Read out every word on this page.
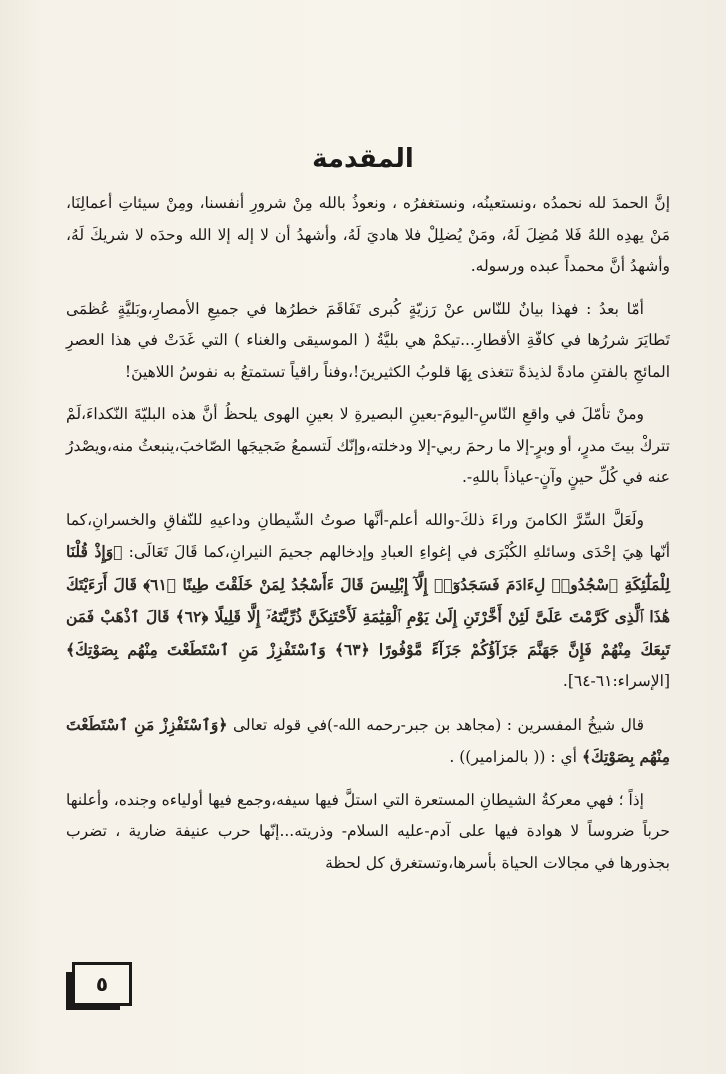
المقدمة

إنَّ الحمدَ لله نحمدُه ،ونستعينُه، ونستغفرُه ، ونعوذُ بالله مِنْ شرورِ أنفسنا، ومِنْ سيئاتِ أعمالِنَا، مَنْ يهدِه اللهُ فَلا مُضِلَ لَهُ، ومَنْ يُضلِلْ فلا هاديَ لَهُ، وأشهدُ أن لا إله إلا الله وحدَه لا شريكَ لَهُ، وأشهدُ أنَّ محمداً عبده ورسوله.

أمّا بعدُ : فهذا بيانٌ للنّاس عنْ رَزيّةٍ كُبرى تَفَاقَمَ خطرُها في جميعِ الأمصارِ،وبَليَّةٍ عُظمَى تَطايَرَ شررُها في كافّةِ الأقطارِ...تيكمْ هي بليَّةُ ( الموسيقى والغناء ) التي غَدَتْ في هذا العصرِ المائجِ بالفتنِ مادةً لذيذةً تتغذى بِهَا قلوبُ الكثيرينَ!،وفناً راقياً تستمتعُ به نفوسُ اللاهينَ!

ومنْ تأمّلَ في واقعِ النّاسِ-اليومَ-بعينِ البصيرةِ لا بعينِ الهوى يلحظُ أنَّ هذه البليّةَ النّكداءَ،لَمْ تتركْ بيتَ مدرٍ، أو وبرٍ-إلا ما رحمَ ربي-إلا ودخلته،وإنّك لَتسمعُ ضَجيجَها الصّاخبَ،ينبعثُ منه،ويصْدرُ عنه في كُلِّ حينٍ وآنٍ-عياذاً باللهِ-.

ولَعَلَّ السِّرَّ الكامنَ وراءَ ذلكَ-والله أعلم-أنَّها صوتُ الشّيطانِ وداعيهِ للنّفاقِ والخسرانِ،كما أنّها هِيَ إحْدَى وسائلهِ الكُبْرَى في إغواءِ العبادِ وإدخالهم جحيمَ النيرانِ،كما قَالَ تَعَالَى: ﴿وَإِذْ قُلْنَا لِلْمَلَٰٓئِكَةِ ٱسْجُدُوا۟ لِءَادَمَ فَسَجَدُوٓا۟ إِلَّآ إِبْلِيسَ قَالَ ءَأَسْجُدُ لِمَنْ خَلَقْتَ طِينًا ﴿٦١﴾ قَالَ أَرَءَيْتَكَ هَٰذَا ٱلَّذِى كَرَّمْتَ عَلَىَّ لَئِنْ أَخَّرْتَنِ إِلَىٰ يَوْمِ ٱلْقِيَٰمَةِ لَأَحْتَنِكَنَّ ذُرِّيَّتَهُۥٓ إِلَّا قَلِيلًا ﴿٦٢﴾ قَالَ ٱذْهَبْ فَمَن تَبِعَكَ مِنْهُمْ فَإِنَّ جَهَنَّمَ جَزَآؤُكُمْ جَزَآءً مَّوْفُورًا ﴿٦٣﴾ وَٱسْتَفْزِزْ مَنِ ٱسْتَطَعْتَ مِنْهُم بِصَوْتِكَ﴾ [الإسراء:٦١-٦٤].

قال شيخُ المفسرين : (مجاهد بن جبر-رحمه الله-)في قوله تعالى ﴿وَٱسْتَفْزِزْ مَنِ ٱسْتَطَعْتَ مِنْهُم بِصَوْتِكَ﴾ أي : (( بالمزامير)) .

إذاً ؛ فهي معركةُ الشيطانِ المستعرة التي استلَّ فيها سيفه،وجمع فيها أولياءه وجنده، وأعلنها حرباً ضروساً لا هوادة فيها على آدم-عليه السلام- وذريته...إنّها حرب عنيفة ضارية ، تضرب بجذورها في مجالات الحياة بأسرها،وتستغرق كل لحظة

٥
